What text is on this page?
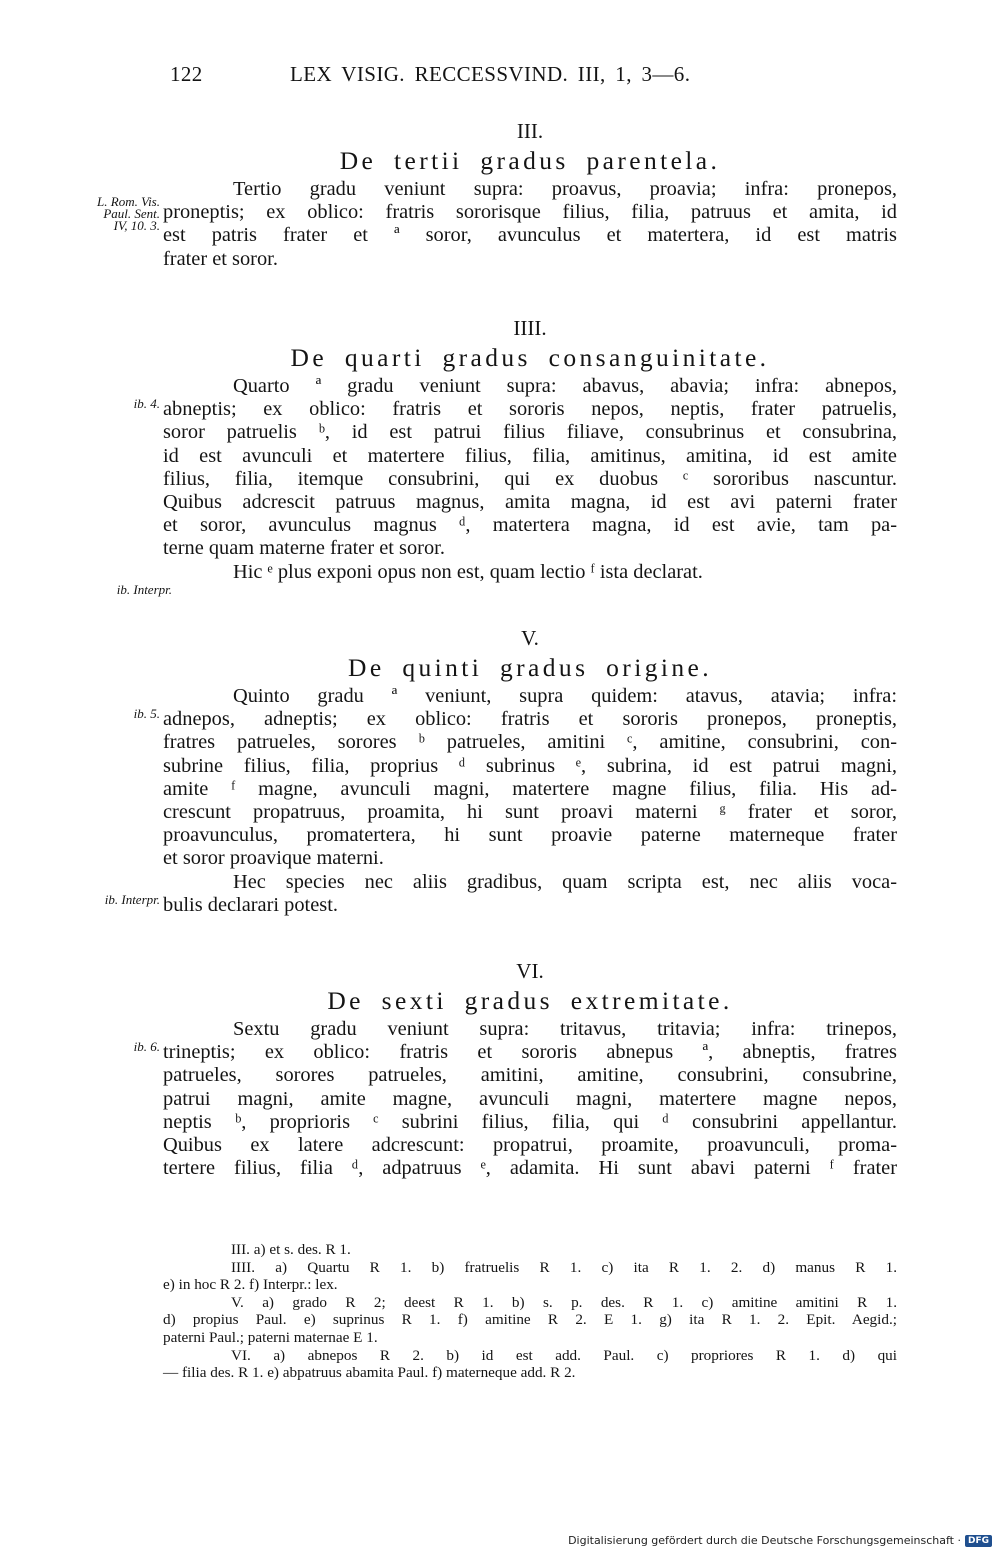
122	LEX VISIG. RECCESSVIND. III, 1, 3—6.
III.
De tertii gradus parentela.
Tertio gradu veniunt supra: proavus, proavia; infra: pronepos,
proneptis; ex oblico: fratris sororisque filius, filia, patruus et amita, id
est patris frater et ª soror, avunculus et matertera, id est matris
frater et soror.
L. Rom. Vis.
Paul. Sent.
IV, 10. 3.
IIII.
De quarti gradus consanguinitate.
Quarto ª gradu veniunt supra: abavus, abavia; infra: abnepos,
abneptis; ex oblico: fratris et sororis nepos, neptis, frater patruelis,
soror patruelis ᵇ, id est patrui filius filiave, consubrinus et consubrina,
id est avunculi et matertere filius, filia, amitinus, amitina, id est amite
filius, filia, itemque consubrini, qui ex duobus ᶜ sororibus nascuntur.
Quibus adcrescit patruus magnus, amita magna, id est avi paterni frater
et soror, avunculus magnus ᵈ, matertera magna, id est avie, tam pa-
terne quam materne frater et soror.
Hic ᵉ plus exponi opus non est, quam lectio ᶠ ista declarat.
ib. 4.
ib. Interpr.
V.
De quinti gradus origine.
Quinto gradu ª veniunt, supra quidem: atavus, atavia; infra:
adnepos, adneptis; ex oblico: fratris et sororis pronepos, proneptis,
fratres patrueles, sorores ᵇ patrueles, amitini ᶜ, amitine, consubrini, con-
subrine filius, filia, proprius ᵈ subrinus ᵉ, subrina, id est patrui magni,
amite ᶠ magne, avunculi magni, matertere magne filius, filia. His ad-
crescunt propatruus, proamita, hi sunt proavi materni ᵍ frater et soror,
proavunculus, promatertera, hi sunt proavie paterne materneque frater
et soror proavique materni.
Hec species nec aliis gradibus, quam scripta est, nec aliis voca-
bulis declarari potest.
ib. 5.
ib. Interpr.
VI.
De sexti gradus extremitate.
Sextu gradu veniunt supra: tritavus, tritavia; infra: trinepos,
trineptis; ex oblico: fratris et sororis abnepus ª, abneptis, fratres
patrueles, sorores patrueles, amitini, amitine, consubrini, consubrine,
patrui magni, amite magne, avunculi magni, matertere magne nepos,
neptis ᵇ, proprioris ᶜ subrini filius, filia, qui ᵈ consubrini appellantur.
Quibus ex latere adcrescunt: propatrui, proamite, proavunculi, proma-
tertere filius, filia ᵈ, adpatruus ᵉ, adamita. Hi sunt abavi paterni ᶠ frater
ib. 6.
III. a) et s. des. R 1.
IIII. a) Quartu R 1. b) fratruelis R 1. c) ita R 1. 2. d) manus R 1.
e) in hoc R 2. f) Interpr.: lex.
V. a) grado R 2; deest R 1. b) s. p. des. R 1. c) amitine amitini R 1.
d) propius Paul. e) suprinus R 1. f) amitine R 2. E 1. g) ita R 1. 2. Epit. Aegid.;
paterni Paul.; paterni maternae E 1.
VI. a) abnepos R 2. b) id est add. Paul. c) propriores R 1. d) qui
— filia des. R 1. e) abpatruus abamita Paul. f) materneque add. R 2.
Digitalisierung gefördert durch die Deutsche Forschungsgemeinschaft · DFG
